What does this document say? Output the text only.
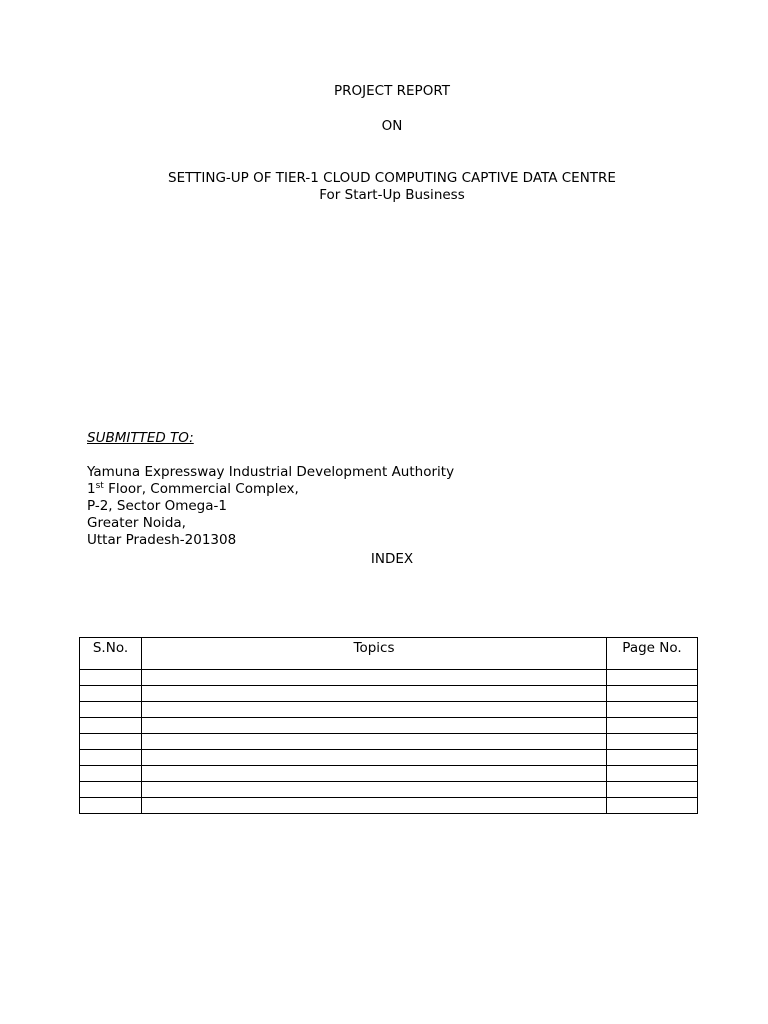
PROJECT REPORT
ON
SETTING-UP OF TIER-1 CLOUD COMPUTING CAPTIVE DATA CENTRE
For Start-Up Business
SUBMITTED TO:
Yamuna Expressway Industrial Development Authority
1st Floor, Commercial Complex,
P-2, Sector Omega-1
Greater Noida,
Uttar Pradesh-201308
INDEX
S.No.	Topics	Page No.
